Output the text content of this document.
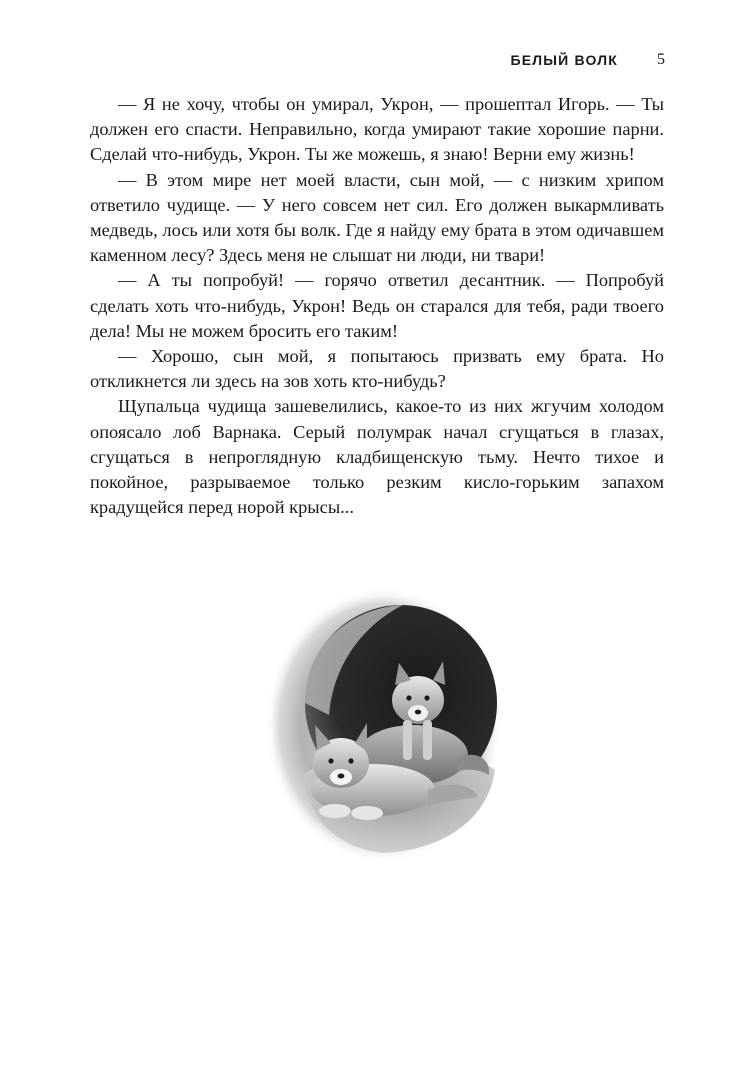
БЕЛЫЙ ВОЛК 5

— Я не хочу, чтобы он умирал, Укрон, — прошептал Игорь. — Ты должен его спасти. Неправильно, когда умирают такие хорошие парни. Сделай что-нибудь, Укрон. Ты же можешь, я знаю! Верни ему жизнь!

— В этом мире нет моей власти, сын мой, — с низким хрипом ответило чудище. — У него совсем нет сил. Его должен выкармливать медведь, лось или хотя бы волк. Где я найду ему брата в этом одичавшем каменном лесу? Здесь меня не слышат ни люди, ни твари!

— А ты попробуй! — горячо ответил десантник. — Попробуй сделать хоть что-нибудь, Укрон! Ведь он старался для тебя, ради твоего дела! Мы не можем бросить его таким!

— Хорошо, сын мой, я попытаюсь призвать ему брата. Но откликнется ли здесь на зов хоть кто-нибудь?

Щупальца чудища зашевелились, какое-то из них жгучим холодом опоясало лоб Варнака. Серый полумрак начал сгущаться в глазах, сгущаться в непроглядную кладбищенскую тьму. Нечто тихое и покойное, разрываемое только резким кисло-горьким запахом крадущейся перед норой крысы...
